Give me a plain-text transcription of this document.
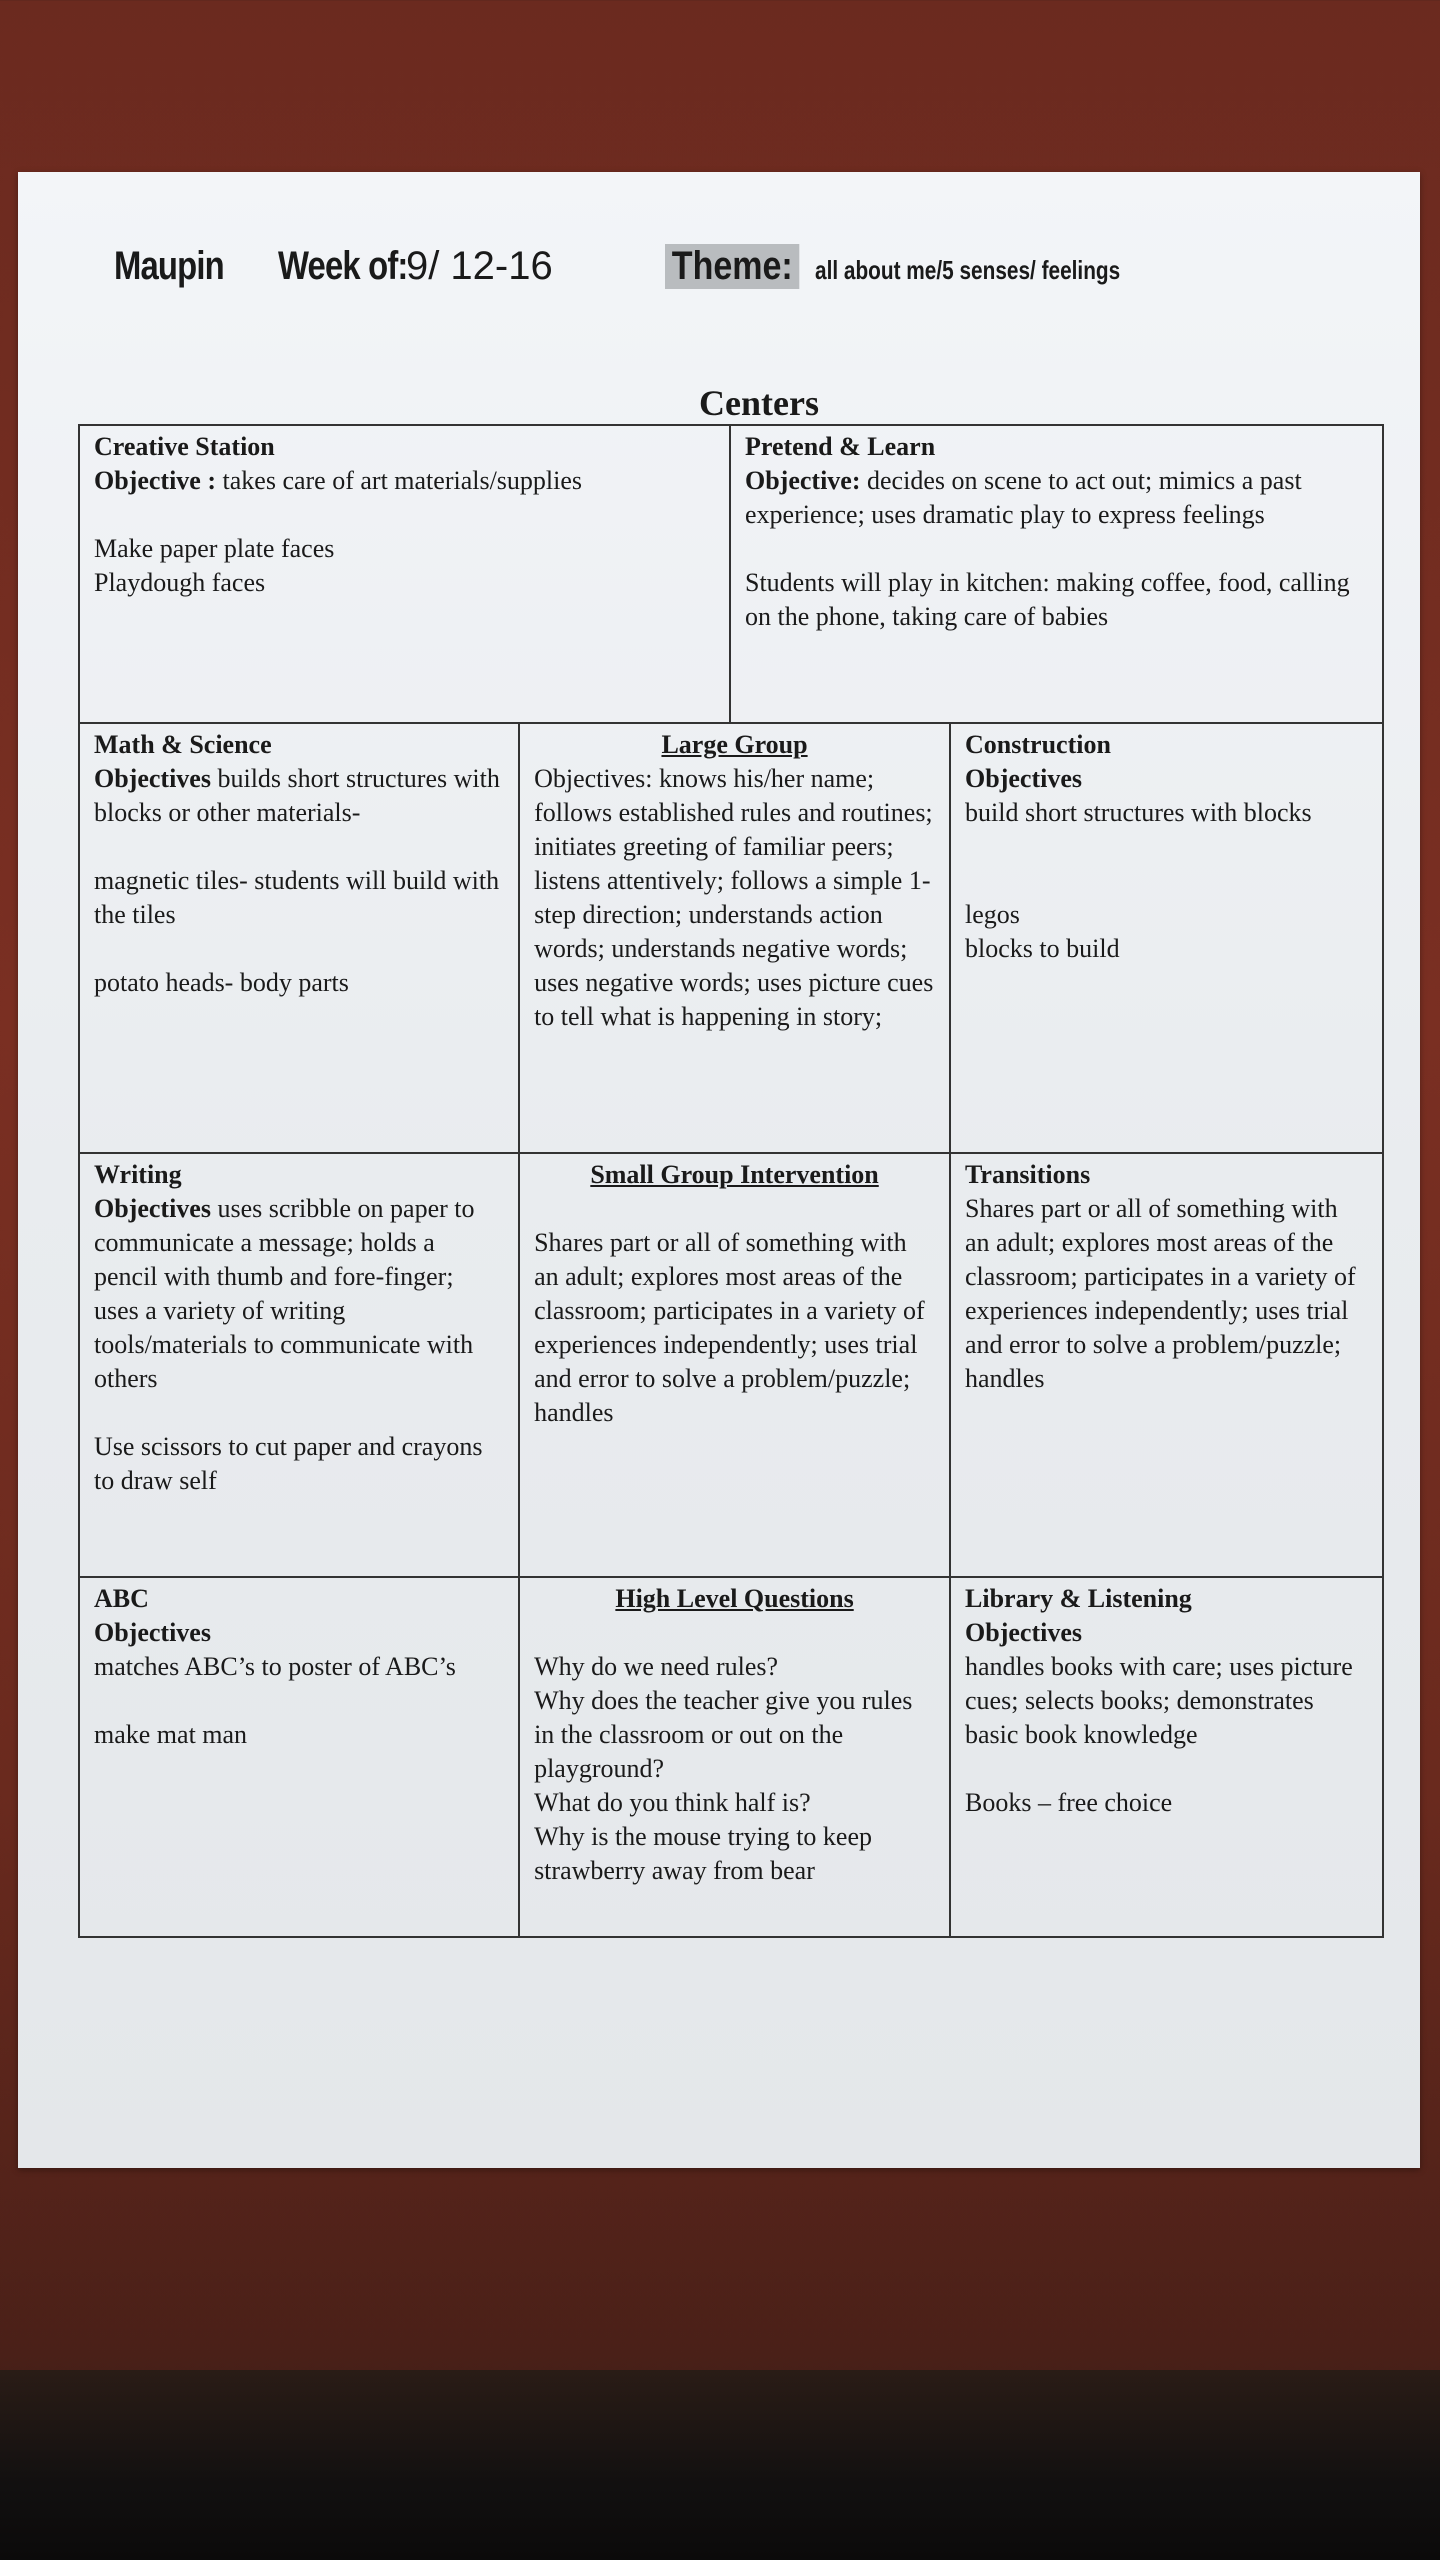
Maupin Week of:
9/ 12-16	Theme: all about me/5 senses/ feelings
Centers
Creative Station
Objective : takes care of art materials/supplies
Make paper plate faces
Playdough faces
Pretend & Learn
Objective: decides on scene to act out; mimics a past experience; uses dramatic play to express feelings
Students will play in kitchen: making coffee, food, calling on the phone, taking care of babies
Math & Science
Objectives builds short structures with blocks or other materials-
magnetic tiles- students will build with the tiles
potato heads- body parts
Large Group
Objectives: knows his/her name; follows established rules and routines; initiates greeting of familiar peers; listens attentively; follows a simple 1-step direction; understands action words; understands negative words; uses negative words; uses picture cues to tell what is happening in story;
Construction
Objectives
build short structures with blocks
legos
blocks to build
Writing
Objectives uses scribble on paper to communicate a message; holds a pencil with thumb and fore-finger; uses a variety of writing tools/materials to communicate with others
Use scissors to cut paper and crayons to draw self
Small Group Intervention
Shares part or all of something with an adult; explores most areas of the classroom; participates in a variety of experiences independently; uses trial and error to solve a problem/puzzle; handles
Transitions
Shares part or all of something with an adult; explores most areas of the classroom; participates in a variety of experiences independently; uses trial and error to solve a problem/puzzle; handles
ABC
Objectives
matches ABC’s to poster of ABC’s
make mat man
High Level Questions
Why do we need rules?
Why does the teacher give you rules in the classroom or out on the playground?
What do you think half is?
Why is the mouse trying to keep strawberry away from bear
Library & Listening
Objectives
handles books with care; uses picture cues; selects books; demonstrates basic book knowledge
Books – free choice
